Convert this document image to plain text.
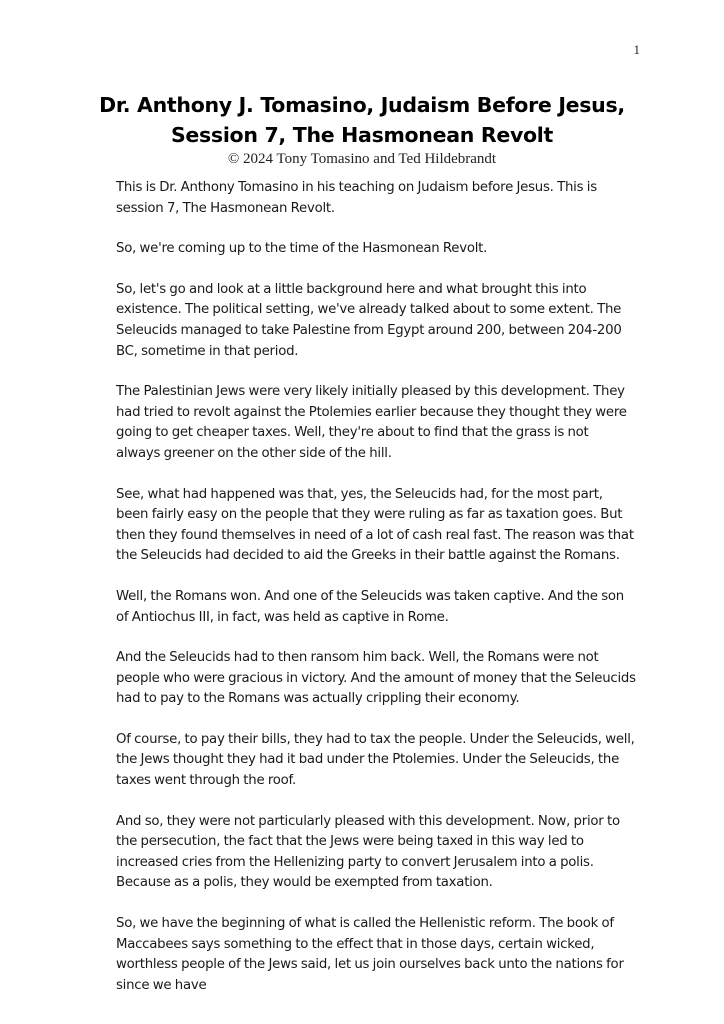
1
Dr. Anthony J. Tomasino, Judaism Before Jesus,
Session 7, The Hasmonean Revolt
© 2024 Tony Tomasino and Ted Hildebrandt

This is Dr. Anthony Tomasino in his teaching on Judaism before Jesus. This is session 7, The Hasmonean Revolt.

So, we're coming up to the time of the Hasmonean Revolt.

So, let's go and look at a little background here and what brought this into existence. The political setting, we've already talked about to some extent. The Seleucids managed to take Palestine from Egypt around 200, between 204-200 BC, sometime in that period.

The Palestinian Jews were very likely initially pleased by this development. They had tried to revolt against the Ptolemies earlier because they thought they were going to get cheaper taxes. Well, they're about to find that the grass is not always greener on the other side of the hill.

See, what had happened was that, yes, the Seleucids had, for the most part, been fairly easy on the people that they were ruling as far as taxation goes. But then they found themselves in need of a lot of cash real fast. The reason was that the Seleucids had decided to aid the Greeks in their battle against the Romans.

Well, the Romans won. And one of the Seleucids was taken captive. And the son of Antiochus III, in fact, was held as captive in Rome.

And the Seleucids had to then ransom him back. Well, the Romans were not people who were gracious in victory. And the amount of money that the Seleucids had to pay to the Romans was actually crippling their economy.

Of course, to pay their bills, they had to tax the people. Under the Seleucids, well, the Jews thought they had it bad under the Ptolemies. Under the Seleucids, the taxes went through the roof.

And so, they were not particularly pleased with this development. Now, prior to the persecution, the fact that the Jews were being taxed in this way led to increased cries from the Hellenizing party to convert Jerusalem into a polis. Because as a polis, they would be exempted from taxation.

So, we have the beginning of what is called the Hellenistic reform. The book of Maccabees says something to the effect that in those days, certain wicked, worthless people of the Jews said, let us join ourselves back unto the nations for since we have
